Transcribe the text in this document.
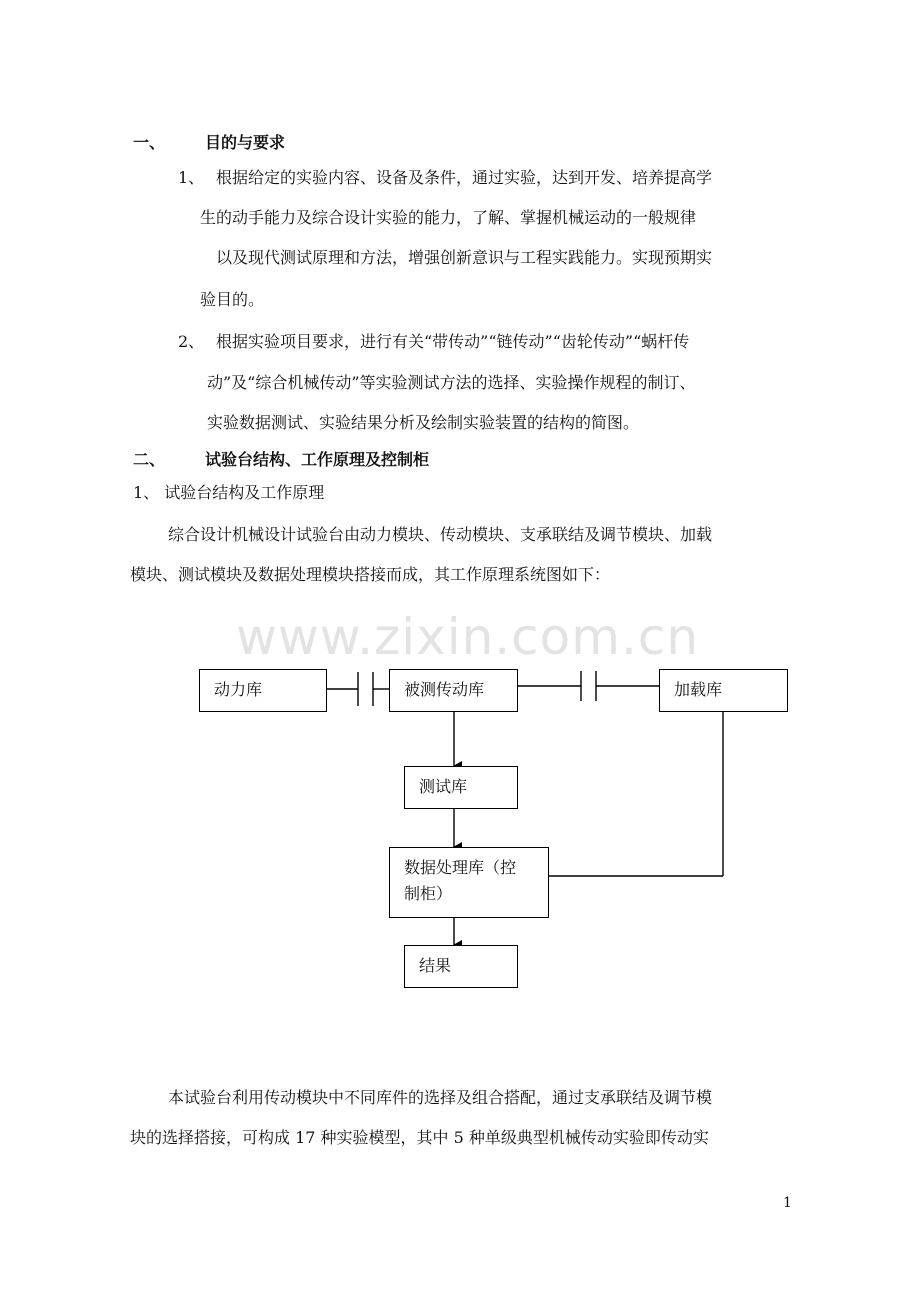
一、 目的与要求
1、 根据给定的实验内容、设备及条件，通过实验，达到开发、培养提高学
生的动手能力及综合设计实验的能力，了解、掌握机械运动的一般规律
以及现代测试原理和方法，增强创新意识与工程实践能力。实现预期实
验目的。
2、 根据实验项目要求，进行有关“带传动”“链传动”“齿轮传动”“蜗杆传
动”及“综合机械传动”等实验测试方法的选择、实验操作规程的制订、
实验数据测试、实验结果分析及绘制实验装置的结构的简图。
二、 试验台结构、工作原理及控制柜
1、 试验台结构及工作原理
综合设计机械设计试验台由动力模块、传动模块、支承联结及调节模块、加载
模块、测试模块及数据处理模块搭接而成，其工作原理系统图如下：
www.zixin.com.cn
动力库	被测传动库	加载库
测试库
数据处理库（控
制柜）
结果
本试验台利用传动模块中不同库件的选择及组合搭配，通过支承联结及调节模
块的选择搭接，可构成 17 种实验模型，其中 5 种单级典型机械传动实验即传动实
1
